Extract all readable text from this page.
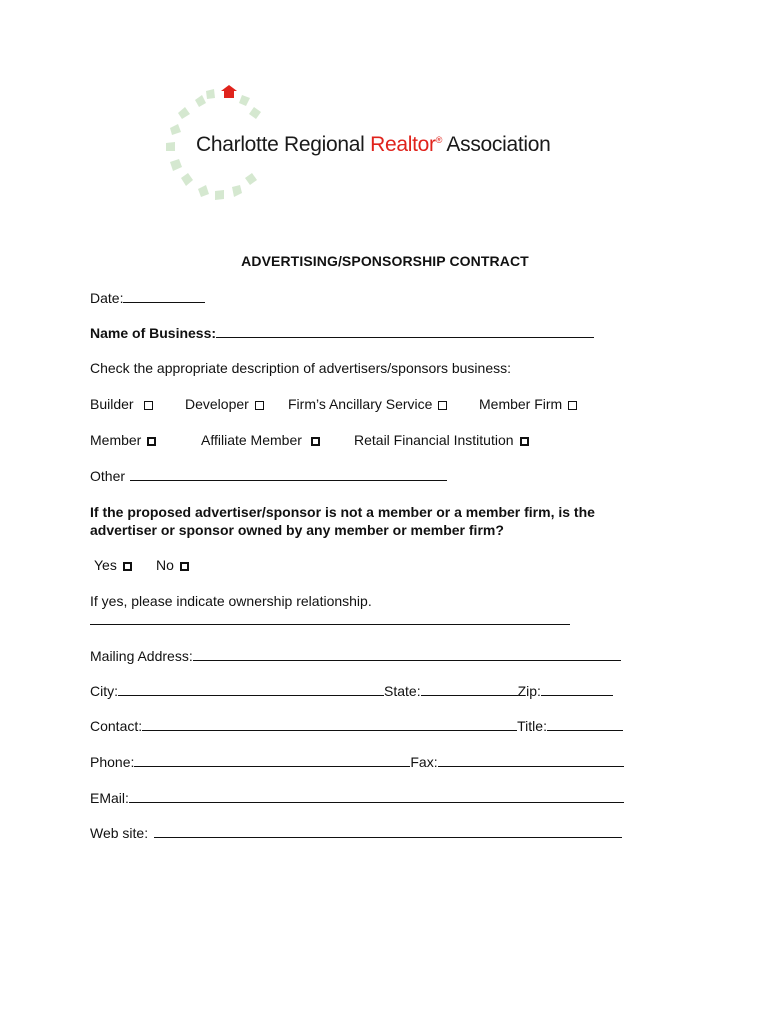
Charlotte Regional Realtor® Association
ADVERTISING/SPONSORSHIP CONTRACT
Date:
Name of Business:
Check the appropriate description of advertisers/sponsors business:
Builder	Developer	Firm’s Ancillary Service	Member Firm
Member	Affiliate Member	Retail Financial Institution
Other
If the proposed advertiser/sponsor is not a member or a member firm, is the advertiser or sponsor owned by any member or member firm?
Yes	No
If yes, please indicate ownership relationship.
Mailing Address:
City:	State:	Zip:
Contact:	Title:
Phone:	Fax:
EMail:
Web site:
